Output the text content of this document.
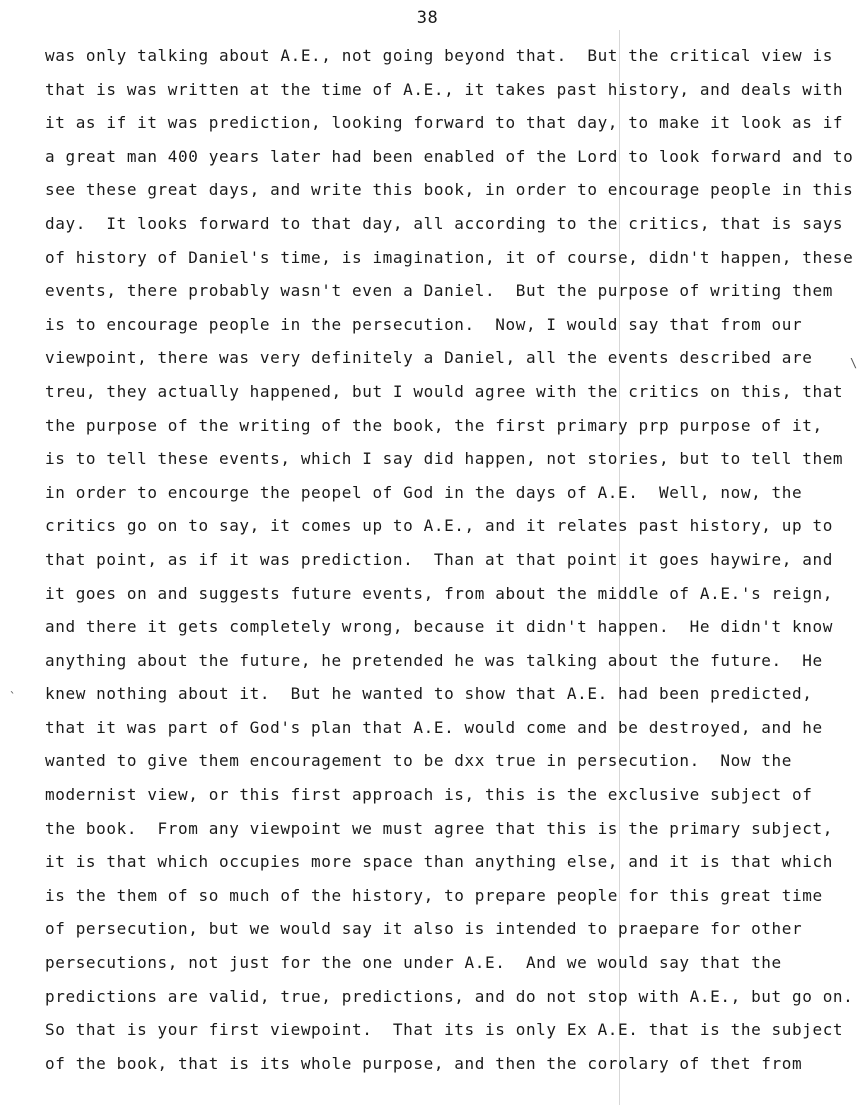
38
\
`
was only talking about A.E., not going beyond that.  But the critical view is
that is was written at the time of A.E., it takes past history, and deals with
it as if it was prediction, looking forward to that day, to make it look as if
a great man 400 years later had been enabled of the Lord to look forward and to
see these great days, and write this book, in order to encourage people in this
day.  It looks forward to that day, all according to the critics, that is says
of history of Daniel's time, is imagination, it of course, didn't happen, these
events, there probably wasn't even a Daniel.  But the purpose of writing them
is to encourage people in the persecution.  Now, I would say that from our
viewpoint, there was very definitely a Daniel, all the events described are
treu, they actually happened, but I would agree with the critics on this, that
the purpose of the writing of the book, the first primary prp purpose of it,
is to tell these events, which I say did happen, not stories, but to tell them
in order to encourge the peopel of God in the days of A.E.  Well, now, the
critics go on to say, it comes up to A.E., and it relates past history, up to
that point, as if it was prediction.  Than at that point it goes haywire, and
it goes on and suggests future events, from about the middle of A.E.'s reign,
and there it gets completely wrong, because it didn't happen.  He didn't know
anything about the future, he pretended he was talking about the future.  He
knew nothing about it.  But he wanted to show that A.E. had been predicted,
that it was part of God's plan that A.E. would come and be destroyed, and he
wanted to give them encouragement to be dxx true in persecution.  Now the
modernist view, or this first approach is, this is the exclusive subject of
the book.  From any viewpoint we must agree that this is the primary subject,
it is that which occupies more space than anything else, and it is that which
is the them of so much of the history, to prepare people for this great time
of persecution, but we would say it also is intended to praepare for other
persecutions, not just for the one under A.E.  And we would say that the
predictions are valid, true, predictions, and do not stop with A.E., but go on.
So that is your first viewpoint.  That its is only Ex A.E. that is the subject
of the book, that is its whole purpose, and then the corolary of thet from
